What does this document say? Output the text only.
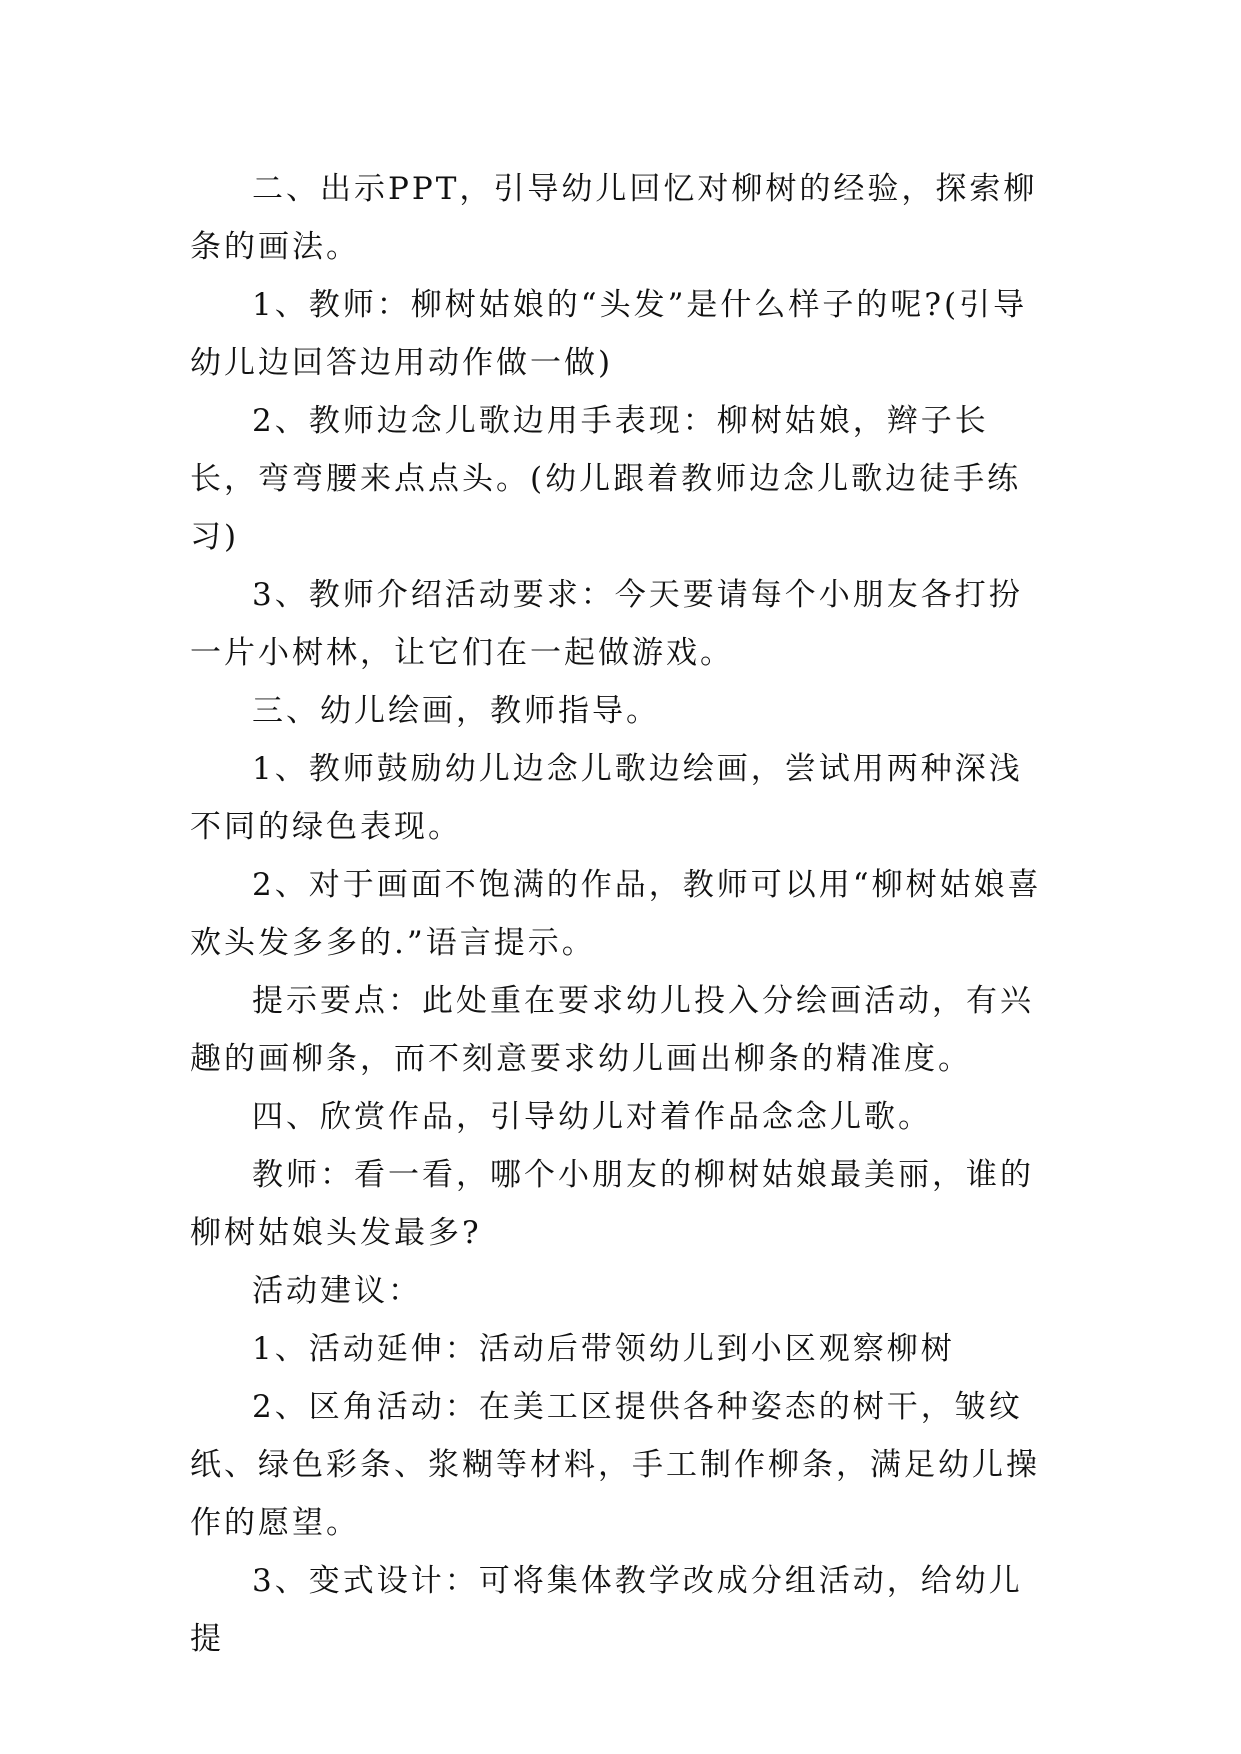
二、出示PPT，引导幼儿回忆对柳树的经验，探索柳条的画法。

1、教师：柳树姑娘的“头发”是什么样子的呢?(引导幼儿边回答边用动作做一做)

2、教师边念儿歌边用手表现：柳树姑娘，辫子长长，弯弯腰来点点头。(幼儿跟着教师边念儿歌边徒手练习)

3、教师介绍活动要求：今天要请每个小朋友各打扮一片小树林，让它们在一起做游戏。

三、幼儿绘画，教师指导。

1、教师鼓励幼儿边念儿歌边绘画，尝试用两种深浅不同的绿色表现。

2、对于画面不饱满的作品，教师可以用“柳树姑娘喜欢头发多多的.”语言提示。

提示要点：此处重在要求幼儿投入分绘画活动，有兴趣的画柳条，而不刻意要求幼儿画出柳条的精准度。

四、欣赏作品，引导幼儿对着作品念念儿歌。

教师：看一看，哪个小朋友的柳树姑娘最美丽，谁的柳树姑娘头发最多?

活动建议：

1、活动延伸：活动后带领幼儿到小区观察柳树

2、区角活动：在美工区提供各种姿态的树干，皱纹纸、绿色彩条、浆糊等材料，手工制作柳条，满足幼儿操作的愿望。

3、变式设计：可将集体教学改成分组活动，给幼儿提
